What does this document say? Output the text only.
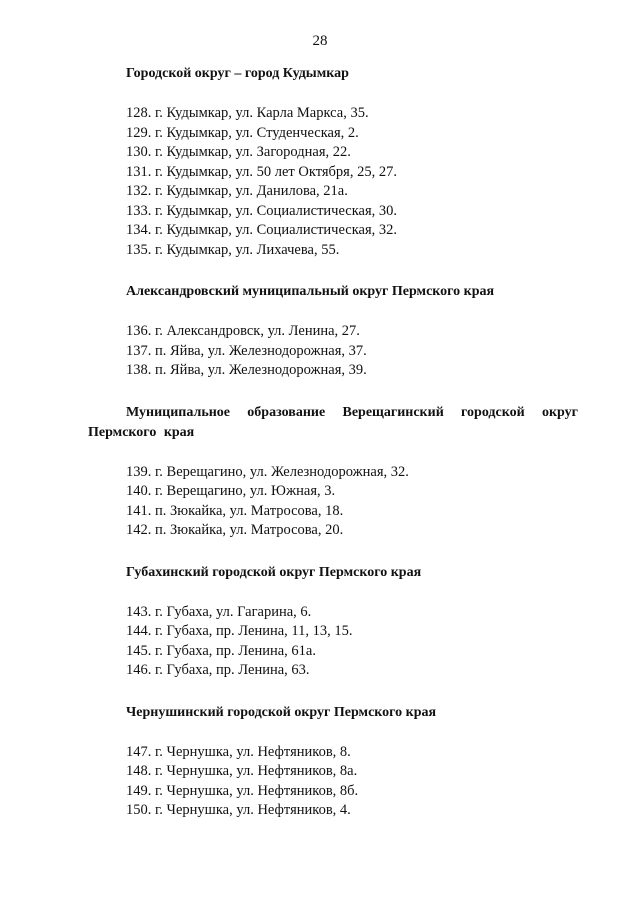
28
Городской округ – город Кудымкар
128. г. Кудымкар, ул. Карла Маркса, 35.
129. г. Кудымкар, ул. Студенческая, 2.
130. г. Кудымкар, ул. Загородная, 22.
131. г. Кудымкар, ул. 50 лет Октября, 25, 27.
132. г. Кудымкар, ул. Данилова, 21а.
133. г. Кудымкар, ул. Социалистическая, 30.
134. г. Кудымкар, ул. Социалистическая, 32.
135. г. Кудымкар, ул. Лихачева, 55.
Александровский муниципальный округ Пермского края
136. г. Александровск, ул. Ленина, 27.
137. п. Яйва, ул. Железнодорожная, 37.
138. п. Яйва, ул. Железнодорожная, 39.
Муниципальное образование Верещагинский городской округ Пермского края
139. г. Верещагино, ул. Железнодорожная, 32.
140. г. Верещагино, ул. Южная, 3.
141. п. Зюкайка, ул. Матросова, 18.
142. п. Зюкайка, ул. Матросова, 20.
Губахинский городской округ Пермского края
143. г. Губаха, ул. Гагарина, 6.
144. г. Губаха, пр. Ленина, 11, 13, 15.
145. г. Губаха, пр. Ленина, 61а.
146. г. Губаха, пр. Ленина, 63.
Чернушинский городской округ Пермского края
147. г. Чернушка, ул. Нефтяников, 8.
148. г. Чернушка, ул. Нефтяников, 8а.
149. г. Чернушка, ул. Нефтяников, 8б.
150. г. Чернушка, ул. Нефтяников, 4.
